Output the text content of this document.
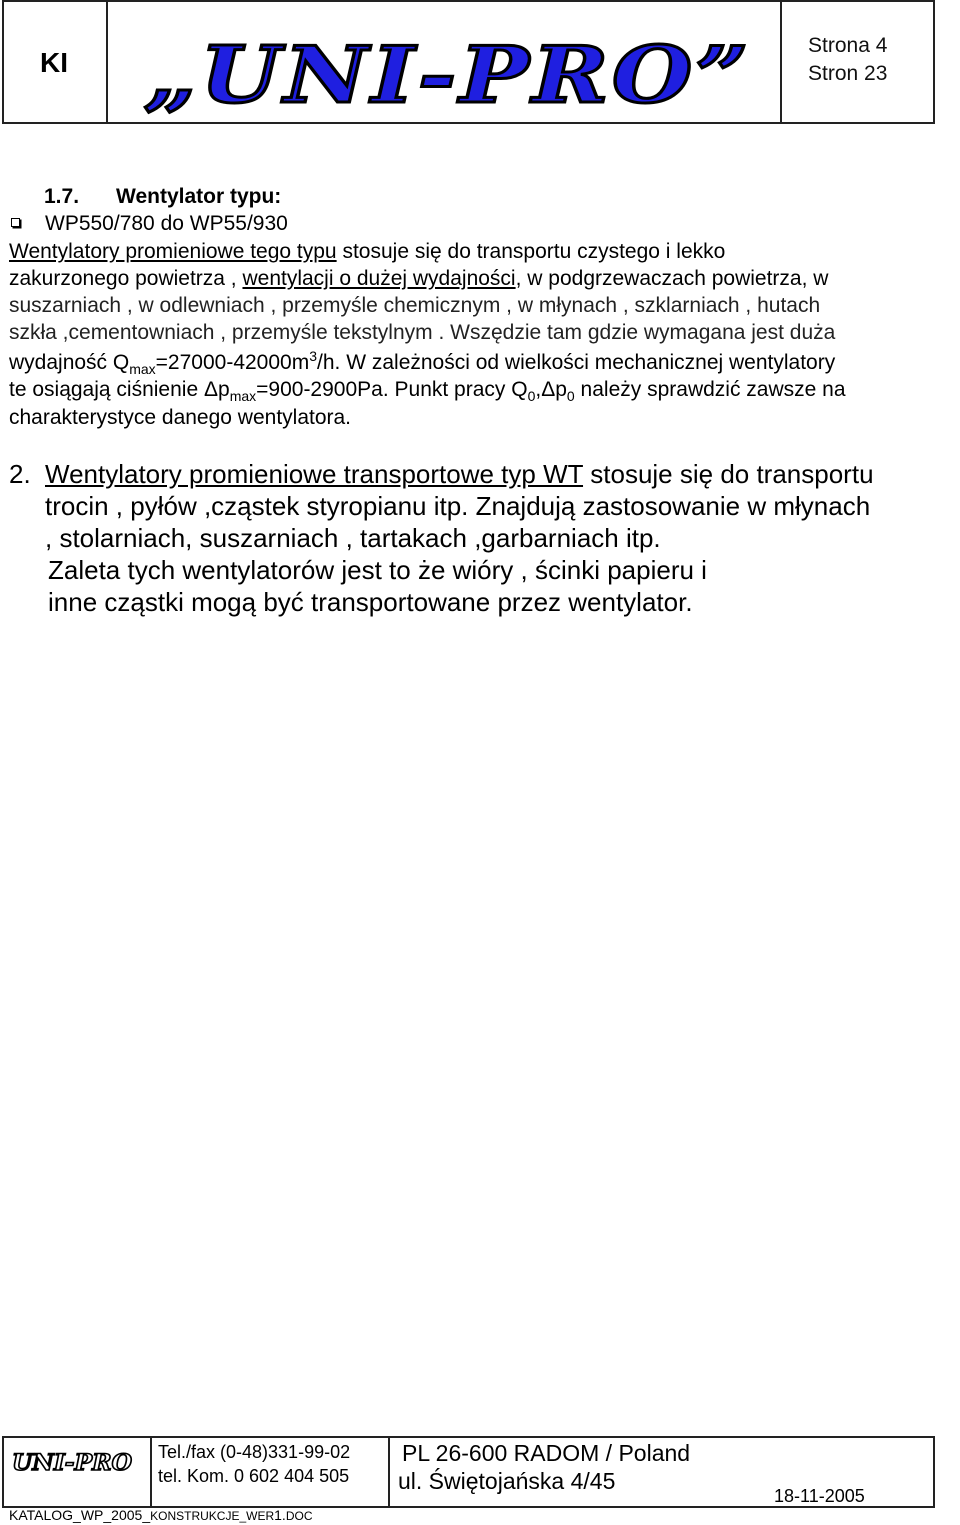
KI „UNI-PRO”	Strona 4
Stron 23
1.7. Wentylator typu:
WP550/780 do WP55/930
Wentylatory promieniowe tego typu stosuje się do transportu czystego i lekko
zakurzonego powietrza , wentylacji o dużej wydajności, w podgrzewaczach powietrza, w
suszarniach , w odlewniach , przemyśle chemicznym , w młynach , szklarniach , hutach
szkła ,cementowniach , przemyśle tekstylnym . Wszędzie tam gdzie wymagana jest duża
wydajność $Q_{max}=27000-42000m^3/h$. W zależności od wielkości mechanicznej wentylatory
te osiągają ciśnienie $\Delta p_{max}=900-2900Pa$. Punkt pracy $Q_0,\Delta p_0$ należy sprawdzić zawsze na
charakterystyce danego wentylatora.
2. Wentylatory promieniowe transportowe typ WT stosuje się do transportu
trocin , pyłów ,cząstek styropianu itp. Znajdują zastosowanie w młynach
, stolarniach, suszarniach , tartakach ,garbarniach itp.
Zaleta tych wentylatorów jest to że wióry , ścinki papieru i
inne cząstki mogą być transportowane przez wentylator.
UNI-PRO Tel./fax (0-48)331-99-02
tel. Kom. 0 602 404 505
PL 26-600 RADOM / Poland
ul. Świętojańska 4/45
18-11-2005
KATALOG_WP_2005_KONSTRUKCJE_WER1.DOC
